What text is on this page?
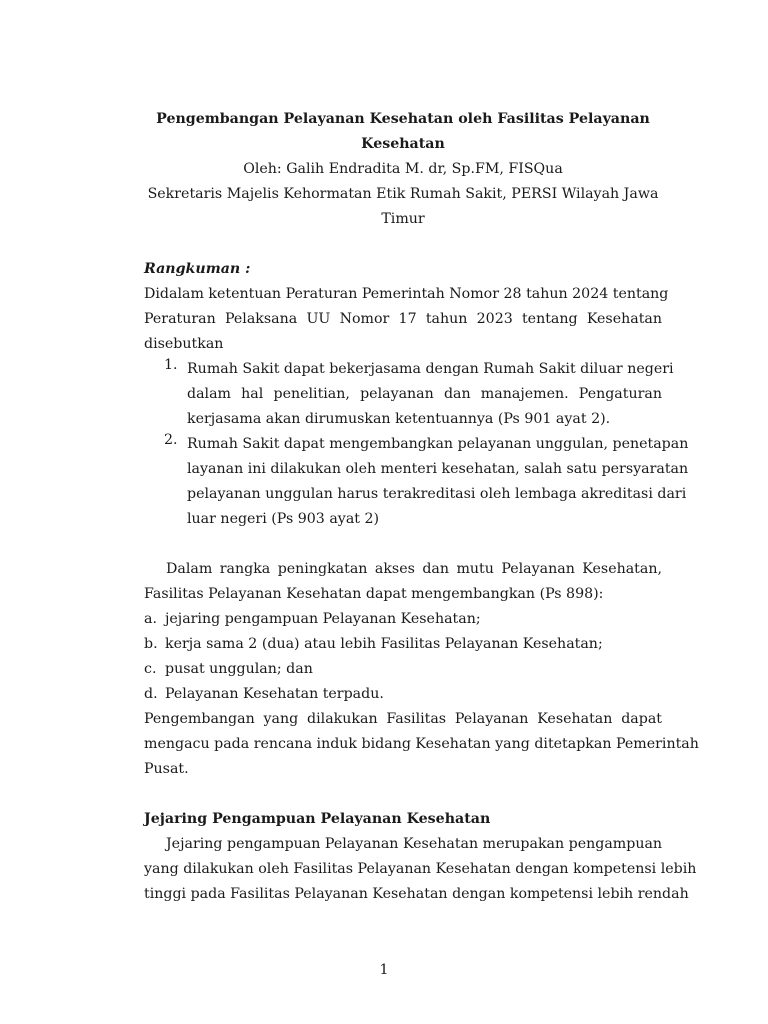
Pengembangan Pelayanan Kesehatan oleh Fasilitas Pelayanan
Kesehatan
Oleh: Galih Endradita M. dr, Sp.FM, FISQua
Sekretaris Majelis Kehormatan Etik Rumah Sakit, PERSI Wilayah Jawa
Timur
Rangkuman :
Didalam ketentuan Peraturan Pemerintah Nomor 28 tahun 2024 tentang
Peraturan Pelaksana UU Nomor 17 tahun 2023 tentang Kesehatan
disebutkan
1. Rumah Sakit dapat bekerjasama dengan Rumah Sakit diluar negeri
dalam hal penelitian, pelayanan dan manajemen. Pengaturan
kerjasama akan dirumuskan ketentuannya (Ps 901 ayat 2).
2. Rumah Sakit dapat mengembangkan pelayanan unggulan, penetapan
layanan ini dilakukan oleh menteri kesehatan, salah satu persyaratan
pelayanan unggulan harus terakreditasi oleh lembaga akreditasi dari
luar negeri (Ps 903 ayat 2)
Dalam rangka peningkatan akses dan mutu Pelayanan Kesehatan,
Fasilitas Pelayanan Kesehatan dapat mengembangkan (Ps 898):
a. jejaring pengampuan Pelayanan Kesehatan;
b. kerja sama 2 (dua) atau lebih Fasilitas Pelayanan Kesehatan;
c. pusat unggulan; dan
d. Pelayanan Kesehatan terpadu.
Pengembangan yang dilakukan Fasilitas Pelayanan Kesehatan dapat
mengacu pada rencana induk bidang Kesehatan yang ditetapkan Pemerintah
Pusat.
Jejaring Pengampuan Pelayanan Kesehatan
Jejaring pengampuan Pelayanan Kesehatan merupakan pengampuan
yang dilakukan oleh Fasilitas Pelayanan Kesehatan dengan kompetensi lebih
tinggi pada Fasilitas Pelayanan Kesehatan dengan kompetensi lebih rendah
1
